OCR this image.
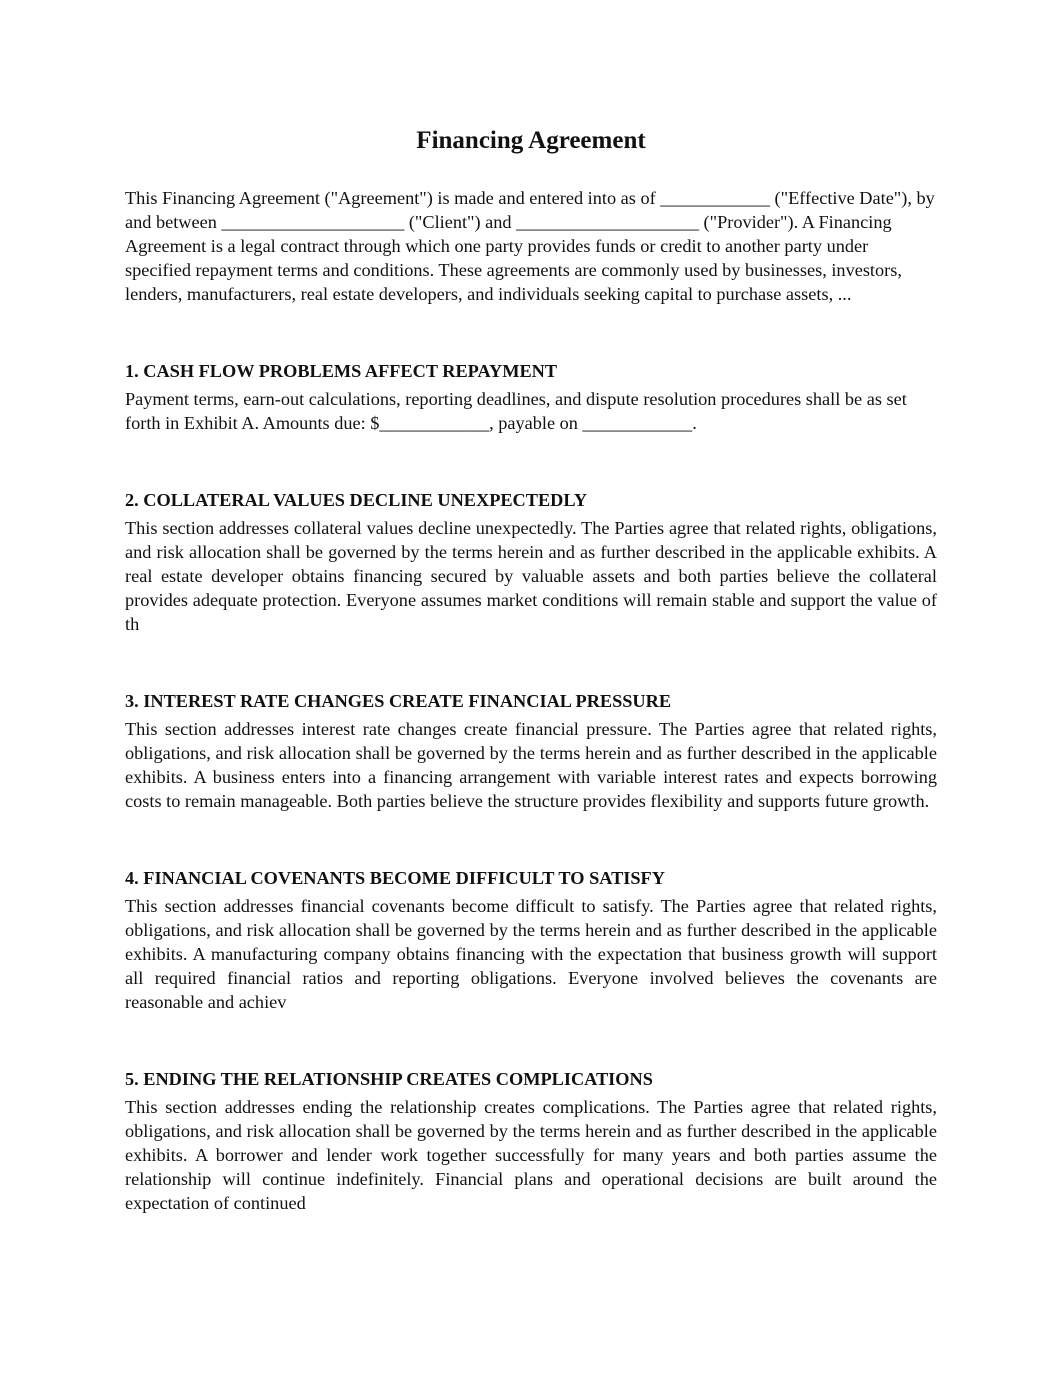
Financing Agreement

This Financing Agreement ("Agreement") is made and entered into as of ____________ ("Effective Date"), by and between ____________________ ("Client") and ____________________ ("Provider"). A Financing Agreement is a legal contract through which one party provides funds or credit to another party under specified repayment terms and conditions. These agreements are commonly used by businesses, investors, lenders, manufacturers, real estate developers, and individuals seeking capital to purchase assets, ...

1. CASH FLOW PROBLEMS AFFECT REPAYMENT

Payment terms, earn-out calculations, reporting deadlines, and dispute resolution procedures shall be as set forth in Exhibit A. Amounts due: $____________, payable on ____________.

2. COLLATERAL VALUES DECLINE UNEXPECTEDLY

This section addresses collateral values decline unexpectedly. The Parties agree that related rights, obligations, and risk allocation shall be governed by the terms herein and as further described in the applicable exhibits. A real estate developer obtains financing secured by valuable assets and both parties believe the collateral provides adequate protection. Everyone assumes market conditions will remain stable and support the value of th

3. INTEREST RATE CHANGES CREATE FINANCIAL PRESSURE

This section addresses interest rate changes create financial pressure. The Parties agree that related rights, obligations, and risk allocation shall be governed by the terms herein and as further described in the applicable exhibits. A business enters into a financing arrangement with variable interest rates and expects borrowing costs to remain manageable. Both parties believe the structure provides flexibility and supports future growth.

4. FINANCIAL COVENANTS BECOME DIFFICULT TO SATISFY

This section addresses financial covenants become difficult to satisfy. The Parties agree that related rights, obligations, and risk allocation shall be governed by the terms herein and as further described in the applicable exhibits. A manufacturing company obtains financing with the expectation that business growth will support all required financial ratios and reporting obligations. Everyone involved believes the covenants are reasonable and achiev

5. ENDING THE RELATIONSHIP CREATES COMPLICATIONS

This section addresses ending the relationship creates complications. The Parties agree that related rights, obligations, and risk allocation shall be governed by the terms herein and as further described in the applicable exhibits. A borrower and lender work together successfully for many years and both parties assume the relationship will continue indefinitely. Financial plans and operational decisions are built around the expectation of continued
